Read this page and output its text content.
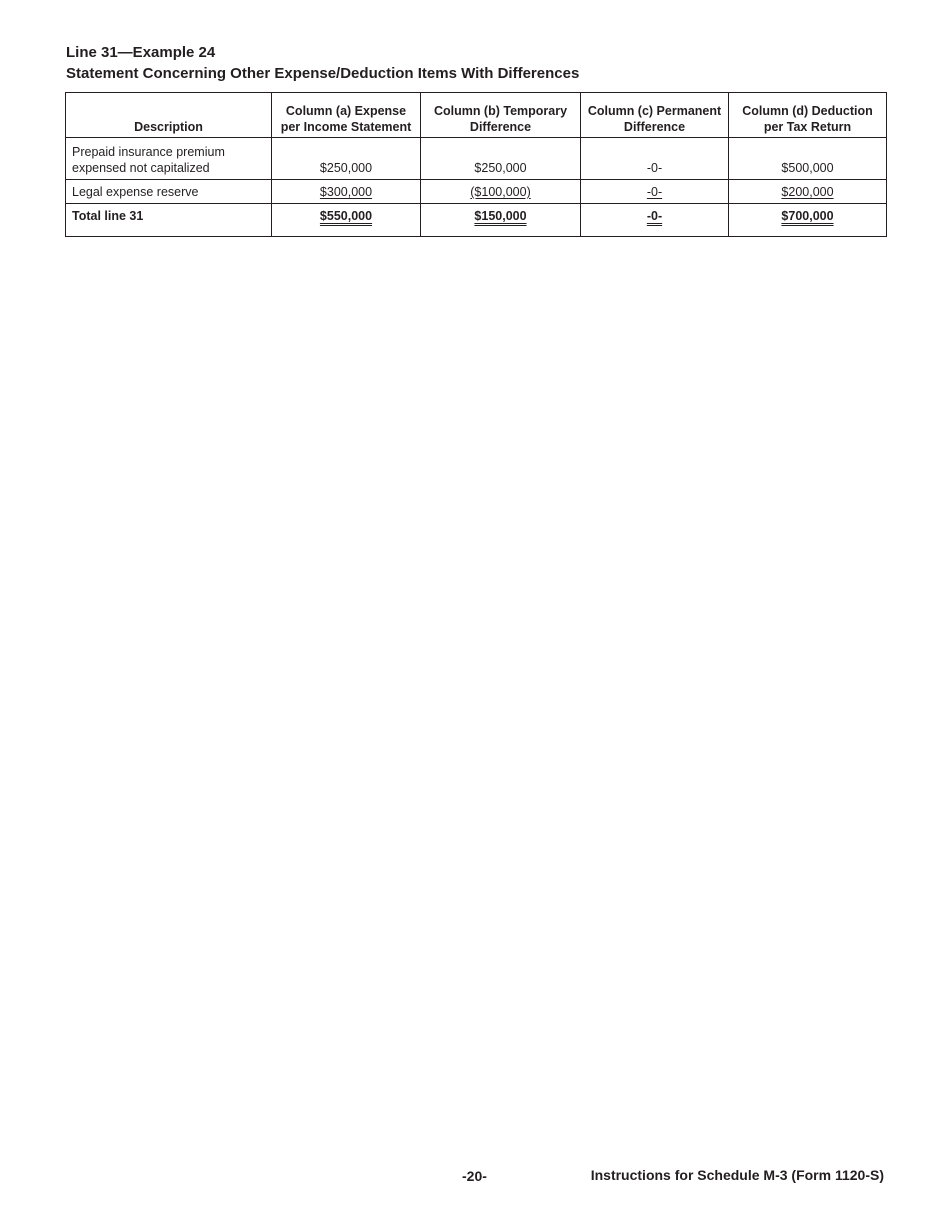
Line 31—Example 24
Statement Concerning Other Expense/Deduction Items With Differences
Description	Column (a) Expense per Income Statement	Column (b) Temporary Difference	Column (c) Permanent Difference	Column (d) Deduction per Tax Return
Prepaid insurance premium expensed not capitalized	$250,000	$250,000	-0-	$500,000
Legal expense reserve	$300,000	($100,000)	-0-	$200,000
Total line 31	$550,000	$150,000	-0-	$700,000
-20-	Instructions for Schedule M-3 (Form 1120-S)
